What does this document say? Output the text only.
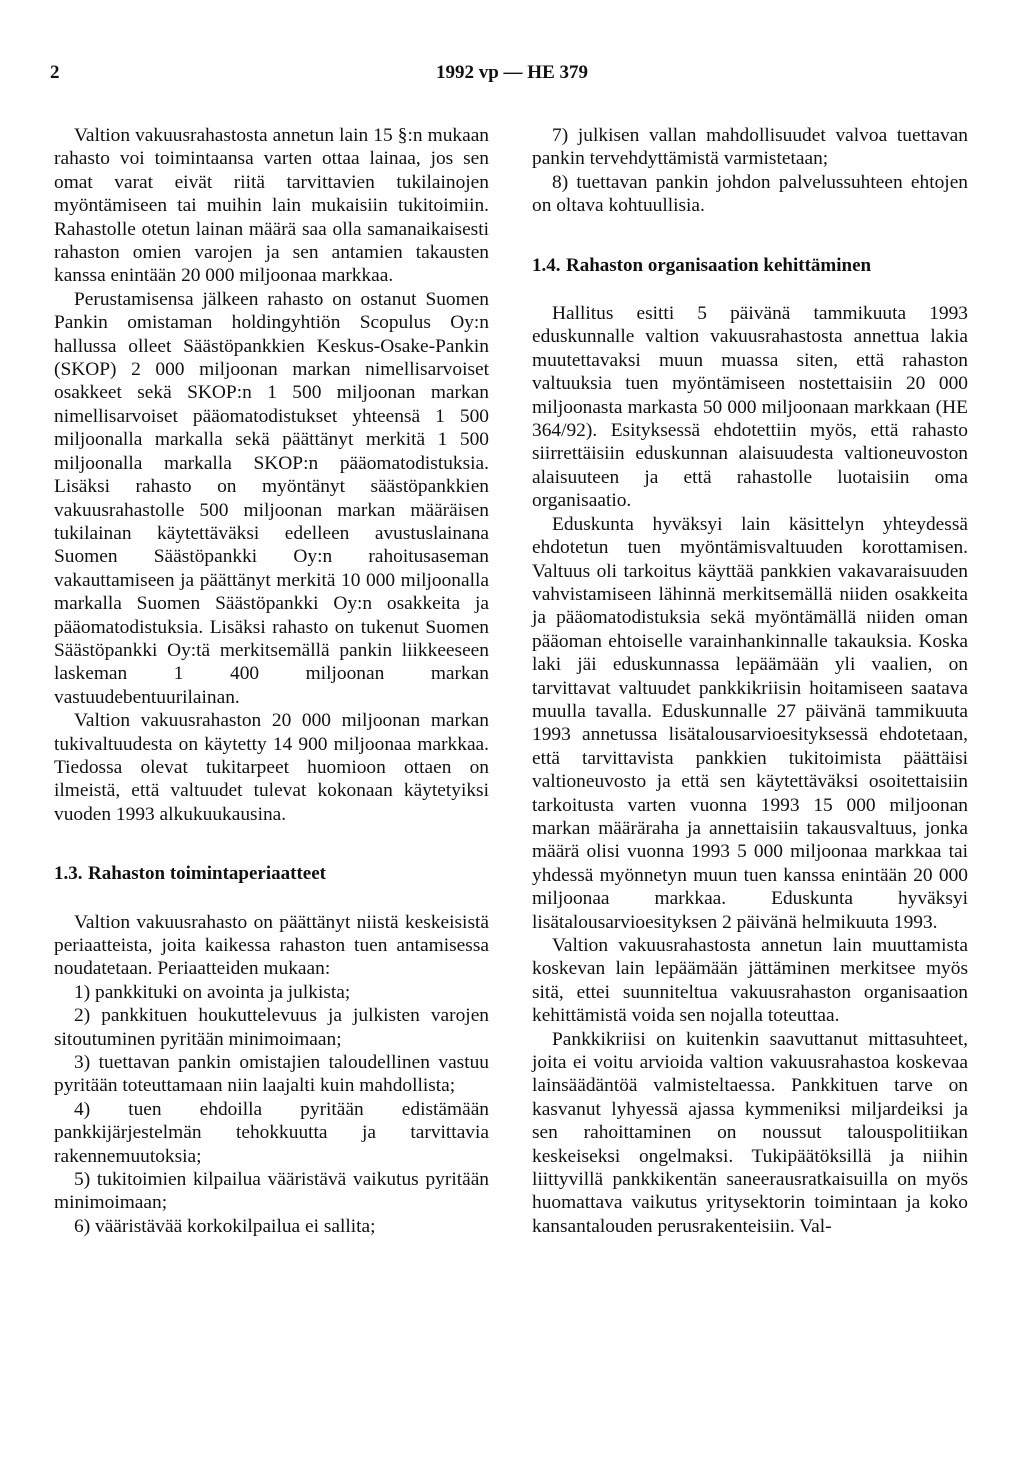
2	1992 vp — HE 379

Valtion vakuusrahastosta annetun lain 15 §:n mukaan rahasto voi toimintaansa varten ottaa lainaa, jos sen omat varat eivät riitä tarvittavien tukilainojen myöntämiseen tai muihin lain mukaisiin tukitoimiin. Rahastolle otetun lainan määrä saa olla samanaikaisesti rahaston omien varojen ja sen antamien takausten kanssa enintään 20 000 miljoonaa markkaa.

Perustamisensa jälkeen rahasto on ostanut Suomen Pankin omistaman holdingyhtiön Scopulus Oy:n hallussa olleet Säästöpankkien Keskus-Osake-Pankin (SKOP) 2 000 miljoonan markan nimellisarvoiset osakkeet sekä SKOP:n 1 500 miljoonan markan nimellisarvoiset pääomatodistukset yhteensä 1 500 miljoonalla markalla sekä päättänyt merkitä 1 500 miljoonalla markalla SKOP:n pääomatodistuksia. Lisäksi rahasto on myöntänyt säästöpankkien vakuusrahastolle 500 miljoonan markan määräisen tukilainan käytettäväksi edelleen avustuslainana Suomen Säästöpankki Oy:n rahoitusaseman vakauttamiseen ja päättänyt merkitä 10 000 miljoonalla markalla Suomen Säästöpankki Oy:n osakkeita ja pääomatodistuksia. Lisäksi rahasto on tukenut Suomen Säästöpankki Oy:tä merkitsemällä pankin liikkeeseen laskeman 1 400 miljoonan markan vastuudebentuurilainan.

Valtion vakuusrahaston 20 000 miljoonan markan tukivaltuudesta on käytetty 14 900 miljoonaa markkaa. Tiedossa olevat tukitarpeet huomioon ottaen on ilmeistä, että valtuudet tulevat kokonaan käytetyiksi vuoden 1993 alkukuukausina.

1.3. Rahaston toimintaperiaatteet

Valtion vakuusrahasto on päättänyt niistä keskeisistä periaatteista, joita kaikessa rahaston tuen antamisessa noudatetaan. Periaatteiden mukaan:

1) pankkituki on avointa ja julkista;

2) pankkituen houkuttelevuus ja julkisten varojen sitoutuminen pyritään minimoimaan;

3) tuettavan pankin omistajien taloudellinen vastuu pyritään toteuttamaan niin laajalti kuin mahdollista;

4) tuen ehdoilla pyritään edistämään pankkijärjestelmän tehokkuutta ja tarvittavia rakennemuutoksia;

5) tukitoimien kilpailua vääristävä vaikutus pyritään minimoimaan;

6) vääristävää korkokilpailua ei sallita;

7) julkisen vallan mahdollisuudet valvoa tuettavan pankin tervehdyttämistä varmistetaan;

8) tuettavan pankin johdon palvelussuhteen ehtojen on oltava kohtuullisia.

1.4. Rahaston organisaation kehittäminen

Hallitus esitti 5 päivänä tammikuuta 1993 eduskunnalle valtion vakuusrahastosta annettua lakia muutettavaksi muun muassa siten, että rahaston valtuuksia tuen myöntämiseen nostettaisiin 20 000 miljoonasta markasta 50 000 miljoonaan markkaan (HE 364/92). Esityksessä ehdotettiin myös, että rahasto siirrettäisiin eduskunnan alaisuudesta valtioneuvoston alaisuuteen ja että rahastolle luotaisiin oma organisaatio.

Eduskunta hyväksyi lain käsittelyn yhteydessä ehdotetun tuen myöntämisvaltuuden korottamisen. Valtuus oli tarkoitus käyttää pankkien vakavaraisuuden vahvistamiseen lähinnä merkitsemällä niiden osakkeita ja pääomatodistuksia sekä myöntämällä niiden oman pääoman ehtoiselle varainhankinnalle takauksia. Koska laki jäi eduskunnassa lepäämään yli vaalien, on tarvittavat valtuudet pankkikriisin hoitamiseen saatava muulla tavalla. Eduskunnalle 27 päivänä tammikuuta 1993 annetussa lisätalousarvioesityksessä ehdotetaan, että tarvittavista pankkien tukitoimista päättäisi valtioneuvosto ja että sen käytettäväksi osoitettaisiin tarkoitusta varten vuonna 1993 15 000 miljoonan markan määräraha ja annettaisiin takausvaltuus, jonka määrä olisi vuonna 1993 5 000 miljoonaa markkaa tai yhdessä myönnetyn muun tuen kanssa enintään 20 000 miljoonaa markkaa. Eduskunta hyväksyi lisätalousarvioesityksen 2 päivänä helmikuuta 1993.

Valtion vakuusrahastosta annetun lain muuttamista koskevan lain lepäämään jättäminen merkitsee myös sitä, ettei suunniteltua vakuusrahaston organisaation kehittämistä voida sen nojalla toteuttaa.

Pankkikriisi on kuitenkin saavuttanut mittasuhteet, joita ei voitu arvioida valtion vakuusrahastoa koskevaa lainsäädäntöä valmisteltaessa. Pankkituen tarve on kasvanut lyhyessä ajassa kymmeniksi miljardeiksi ja sen rahoittaminen on noussut talouspolitiikan keskeiseksi ongelmaksi. Tukipäätöksillä ja niihin liittyvillä pankkikentän saneerausratkaisuilla on myös huomattava vaikutus yritysektorin toimintaan ja koko kansantalouden perusrakenteisiin. Val-
